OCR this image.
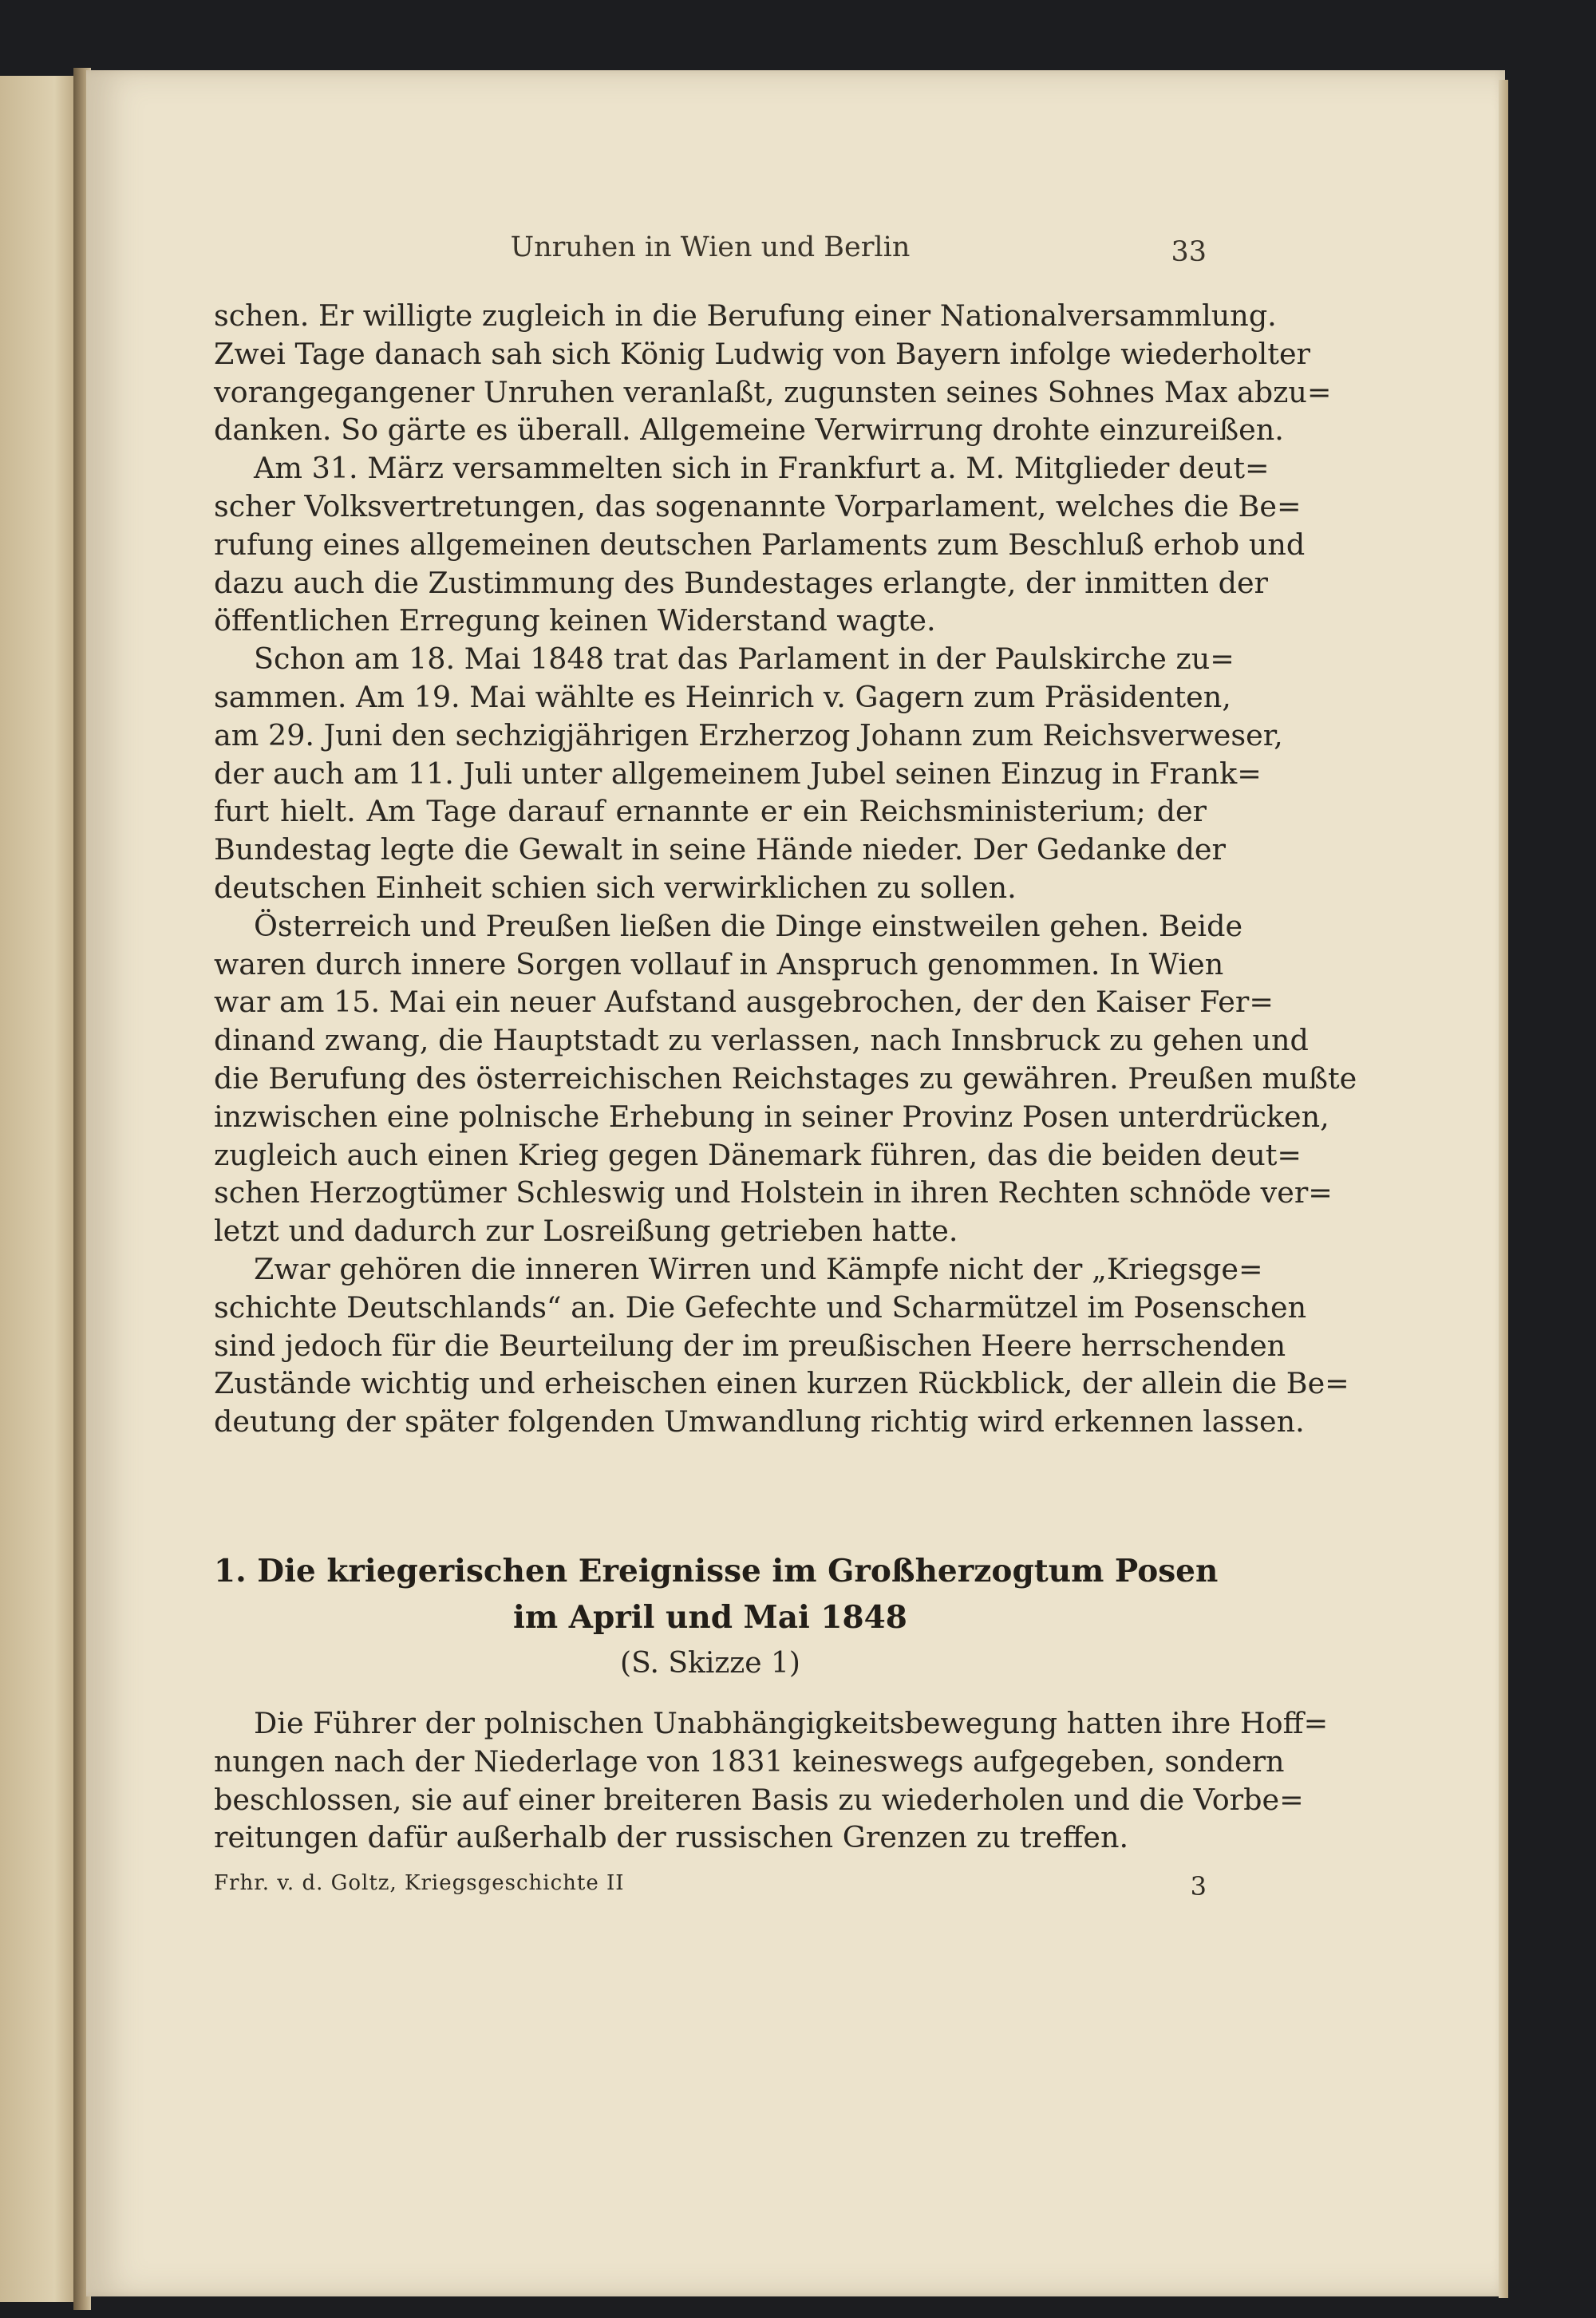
Unruhen in Wien und Berlin	33
schen. Er willigte zugleich in die Berufung einer Nationalversammlung.
Zwei Tage danach sah sich König Ludwig von Bayern infolge wiederholter
vorangegangener Unruhen veranlaßt, zugunsten seines Sohnes Max abzu=
danken. So gärte es überall. Allgemeine Verwirrung drohte einzureißen.
Am 31. März versammelten sich in Frankfurt a. M. Mitglieder deut=
scher Volksvertretungen, das sogenannte Vorparlament, welches die Be=
rufung eines allgemeinen deutschen Parlaments zum Beschluß erhob und
dazu auch die Zustimmung des Bundestages erlangte, der inmitten der
öffentlichen Erregung keinen Widerstand wagte.
Schon am 18. Mai 1848 trat das Parlament in der Paulskirche zu=
sammen. Am 19. Mai wählte es Heinrich v. Gagern zum Präsidenten,
am 29. Juni den sechzigjährigen Erzherzog Johann zum Reichsverweser,
der auch am 11. Juli unter allgemeinem Jubel seinen Einzug in Frank=
furt hielt. Am Tage darauf ernannte er ein Reichsministerium; der
Bundestag legte die Gewalt in seine Hände nieder. Der Gedanke der
deutschen Einheit schien sich verwirklichen zu sollen.
Österreich und Preußen ließen die Dinge einstweilen gehen. Beide
waren durch innere Sorgen vollauf in Anspruch genommen. In Wien
war am 15. Mai ein neuer Aufstand ausgebrochen, der den Kaiser Fer=
dinand zwang, die Hauptstadt zu verlassen, nach Innsbruck zu gehen und
die Berufung des österreichischen Reichstages zu gewähren. Preußen mußte
inzwischen eine polnische Erhebung in seiner Provinz Posen unterdrücken,
zugleich auch einen Krieg gegen Dänemark führen, das die beiden deut=
schen Herzogtümer Schleswig und Holstein in ihren Rechten schnöde ver=
letzt und dadurch zur Losreißung getrieben hatte.
Zwar gehören die inneren Wirren und Kämpfe nicht der „Kriegsge=
schichte Deutschlands“ an. Die Gefechte und Scharmützel im Posenschen
sind jedoch für die Beurteilung der im preußischen Heere herrschenden
Zustände wichtig und erheischen einen kurzen Rückblick, der allein die Be=
deutung der später folgenden Umwandlung richtig wird erkennen lassen.
1. Die kriegerischen Ereignisse im Großherzogtum Posen
im April und Mai 1848
(S. Skizze 1)
Die Führer der polnischen Unabhängigkeitsbewegung hatten ihre Hoff=
nungen nach der Niederlage von 1831 keineswegs aufgegeben, sondern
beschlossen, sie auf einer breiteren Basis zu wiederholen und die Vorbe=
reitungen dafür außerhalb der russischen Grenzen zu treffen.
Frhr. v. d. Goltz, Kriegsgeschichte II	3
